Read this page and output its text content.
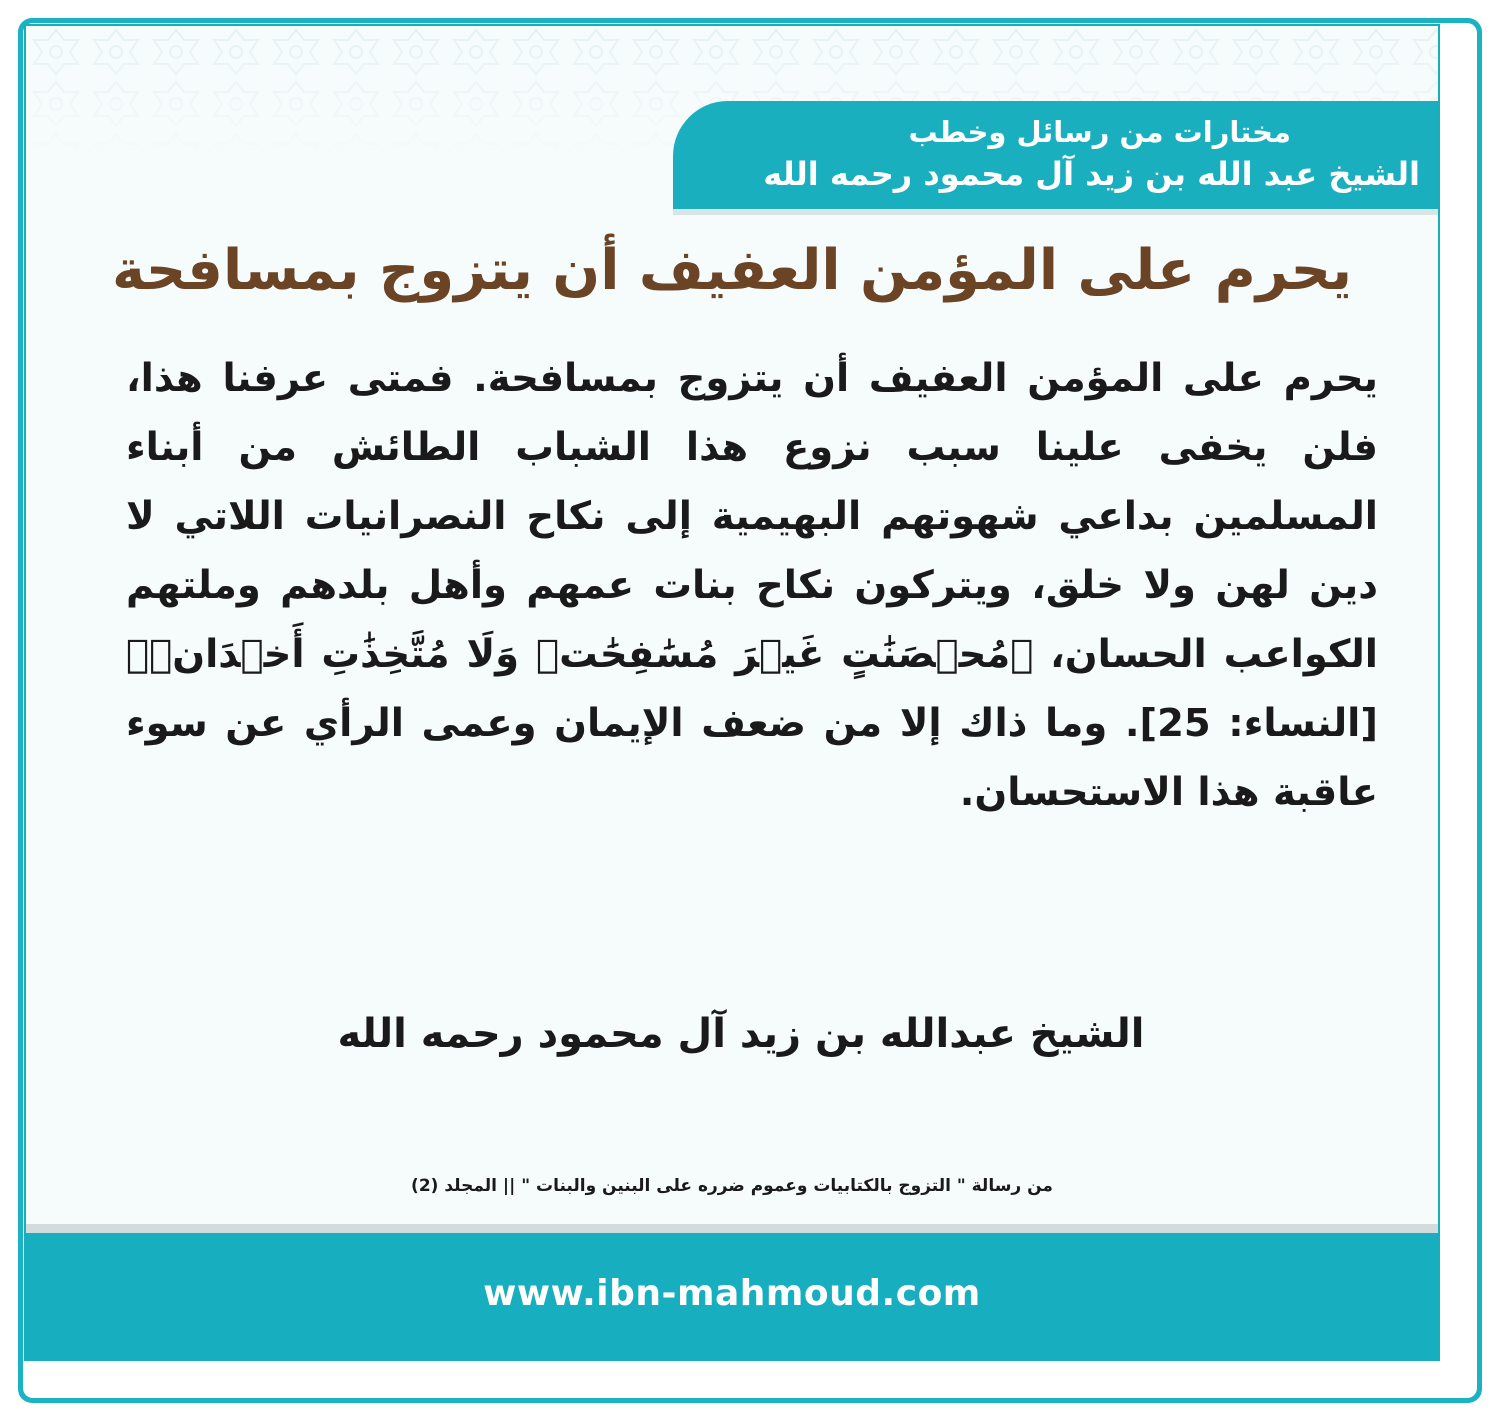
مختارات من رسائل وخطب
الشيخ عبد الله بن زيد آل محمود رحمه الله
يحرم على المؤمن العفيف أن يتزوج بمسافحة
يحرم على المؤمن العفيف أن يتزوج بمسافحة. فمتى عرفنا هذا، فلن يخفى علينا سبب نزوع هذا الشباب الطائش من أبناء المسلمين بداعي شهوتهم البهيمية إلى نكاح النصرانيات اللاتي لا دين لهن ولا خلق، ويتركون نكاح بنات عمهم وأهل بلدهم وملتهم الكواعب الحسان، ﴿مُحۡصَنَٰتٍ غَيۡرَ مُسَٰفِحَٰتٖ وَلَا مُتَّخِذَٰتِ أَخۡدَانٖ﴾ [النساء: 25]. وما ذاك إلا من ضعف الإيمان وعمى الرأي عن سوء عاقبة هذا الاستحسان.
الشيخ عبدالله بن زيد آل محمود رحمه الله
من رسالة " التزوج بالكتابيات وعموم ضرره على البنين والبنات " || المجلد (2)
www.ibn-mahmoud.com
